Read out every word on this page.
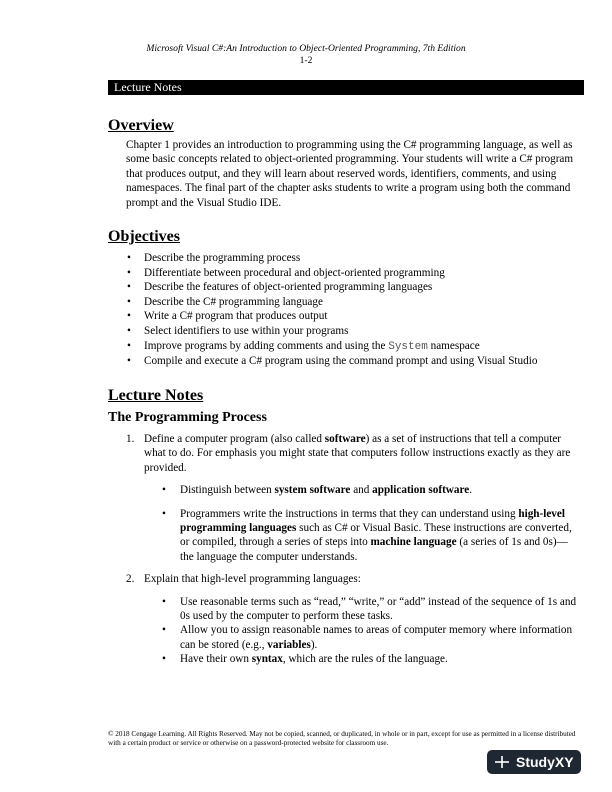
Microsoft Visual C#:An Introduction to Object-Oriented Programming, 7th Edition
1-2
Lecture Notes
Overview
Chapter 1 provides an introduction to programming using the C# programming language, as well as some basic concepts related to object-oriented programming. Your students will write a C# program that produces output, and they will learn about reserved words, identifiers, comments, and using namespaces. The final part of the chapter asks students to write a program using both the command prompt and the Visual Studio IDE.
Objectives
• Describe the programming process
• Differentiate between procedural and object-oriented programming
• Describe the features of object-oriented programming languages
• Describe the C# programming language
• Write a C# program that produces output
• Select identifiers to use within your programs
• Improve programs by adding comments and using the System namespace
• Compile and execute a C# program using the command prompt and using Visual Studio
Lecture Notes
The Programming Process
1. Define a computer program (also called software) as a set of instructions that tell a computer what to do. For emphasis you might state that computers follow instructions exactly as they are provided.
• Distinguish between system software and application software.
• Programmers write the instructions in terms that they can understand using high-level programming languages such as C# or Visual Basic. These instructions are converted, or compiled, through a series of steps into machine language (a series of 1s and 0s)—the language the computer understands.
2. Explain that high-level programming languages:
• Use reasonable terms such as “read,” “write,” or “add” instead of the sequence of 1s and 0s used by the computer to perform these tasks.
• Allow you to assign reasonable names to areas of computer memory where information can be stored (e.g., variables).
• Have their own syntax, which are the rules of the language.
© 2018 Cengage Learning. All Rights Reserved. May not be copied, scanned, or duplicated, in whole or in part, except for use as permitted in a license distributed with a certain product or service or otherwise on a password-protected website for classroom use.
StudyXY
